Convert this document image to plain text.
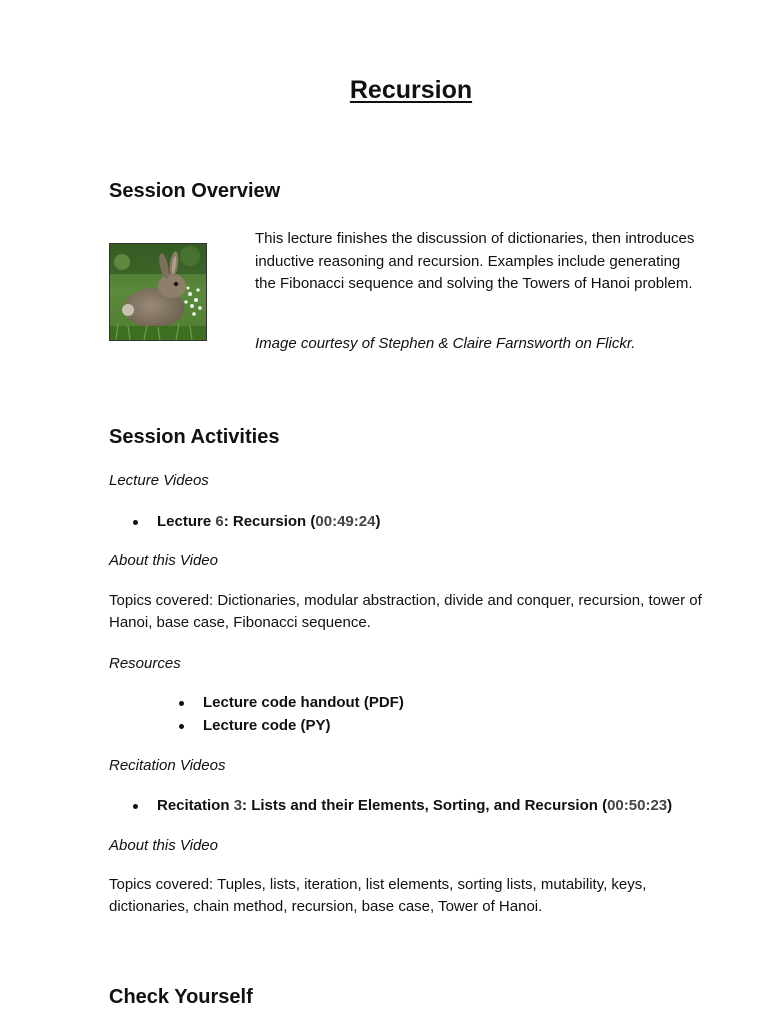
Recursion
Session Overview
This lecture finishes the discussion of dictionaries, then introduces inductive reasoning and recursion. Examples include generating the Fibonacci sequence and solving the Towers of Hanoi problem.
Image courtesy of Stephen & Claire Farnsworth on Flickr.
Session Activities
Lecture Videos
Lecture 6: Recursion (00:49:24)
About this Video
Topics covered: Dictionaries, modular abstraction, divide and conquer, recursion, tower of Hanoi, base case, Fibonacci sequence.
Resources
Lecture code handout (PDF)
Lecture code (PY)
Recitation Videos
Recitation 3: Lists and their Elements, Sorting, and Recursion (00:50:23)
About this Video
Topics covered: Tuples, lists, iteration, list elements, sorting lists, mutability, keys, dictionaries, chain method, recursion, base case, Tower of Hanoi.
Check Yourself
